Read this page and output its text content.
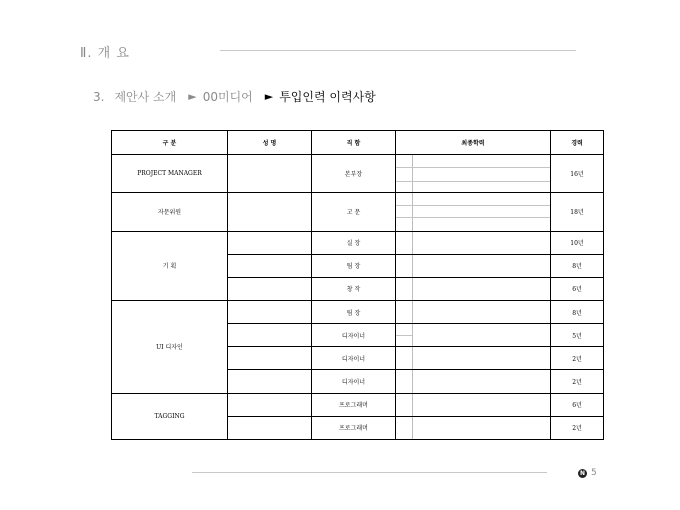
Ⅱ. 개 요
3. 제안사 소개 ► 00미디어 ► 투입인력 이력사항
구 분	성 명	직 함	최종학력	경력
PROJECT MANAGER		본부장		16년
자문위원		고 문		18년
기 획		실 장		10년
		팀 장		8년
		창 작		6년
UI 디자인		팀 장		8년
		디자이너		5년
		디자이너		2년
		디자이너		2년
TAGGING		프로그래머		6년
		프로그래머		2년
N 5
